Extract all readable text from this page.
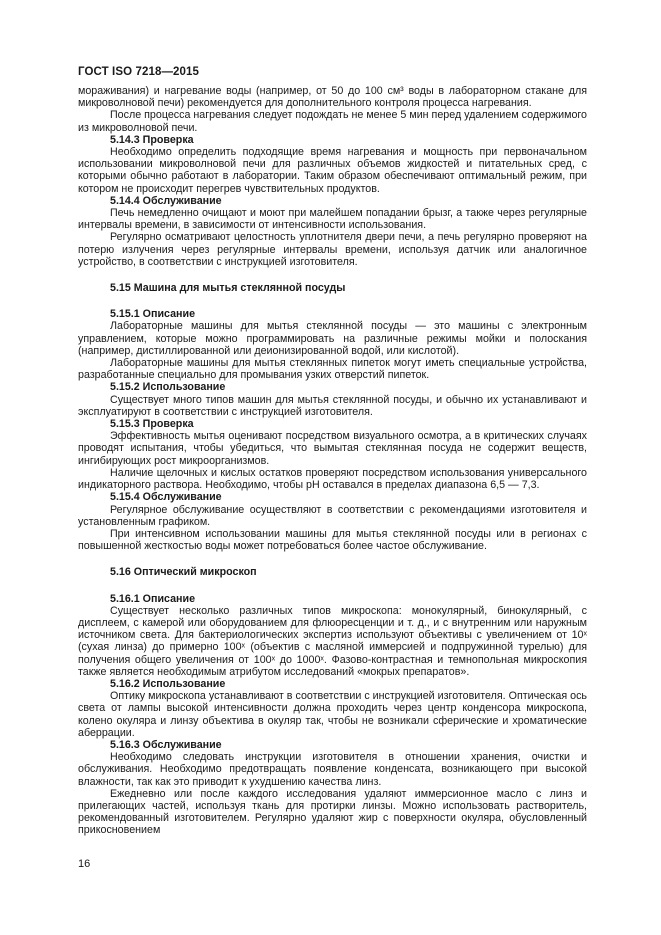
ГОСТ ISO 7218—2015

мораживания) и нагревание воды (например, от 50 до 100 см³ воды в лабораторном стакане для микроволновой печи) рекомендуется для дополнительного контроля процесса нагревания.

После процесса нагревания следует подождать не менее 5 мин перед удалением содержимого из микроволновой печи.

5.14.3 Проверка

Необходимо определить подходящие время нагревания и мощность при первоначальном использовании микроволновой печи для различных объемов жидкостей и питательных сред, с которыми обычно работают в лаборатории. Таким образом обеспечивают оптимальный режим, при котором не происходит перегрев чувствительных продуктов.

5.14.4 Обслуживание

Печь немедленно очищают и моют при малейшем попадании брызг, а также через регулярные интервалы времени, в зависимости от интенсивности использования.

Регулярно осматривают целостность уплотнителя двери печи, а печь регулярно проверяют на потерю излучения через регулярные интервалы времени, используя датчик или аналогичное устройство, в соответствии с инструкцией изготовителя.

5.15 Машина для мытья стеклянной посуды

5.15.1 Описание

Лабораторные машины для мытья стеклянной посуды — это машины с электронным управлением, которые можно программировать на различные режимы мойки и полоскания (например, дистиллированной или деионизированной водой, или кислотой).

Лабораторные машины для мытья стеклянных пипеток могут иметь специальные устройства, разработанные специально для промывания узких отверстий пипеток.

5.15.2 Использование

Существует много типов машин для мытья стеклянной посуды, и обычно их устанавливают и эксплуатируют в соответствии с инструкцией изготовителя.

5.15.3 Проверка

Эффективность мытья оценивают посредством визуального осмотра, а в критических случаях проводят испытания, чтобы убедиться, что вымытая стеклянная посуда не содержит веществ, ингибирующих рост микроорганизмов.

Наличие щелочных и кислых остатков проверяют посредством использования универсального индикаторного раствора. Необходимо, чтобы pH оставался в пределах диапазона 6,5 — 7,3.

5.15.4 Обслуживание

Регулярное обслуживание осуществляют в соответствии с рекомендациями изготовителя и установленным графиком.

При интенсивном использовании машины для мытья стеклянной посуды или в регионах с повышенной жесткостью воды может потребоваться более частое обслуживание.

5.16 Оптический микроскоп

5.16.1 Описание

Существует несколько различных типов микроскопа: монокулярный, бинокулярный, с дисплеем, с камерой или оборудованием для флюоресценции и т. д., и с внутренним или наружным источником света. Для бактериологических экспертиз используют объективы с увеличением от 10ˣ (сухая линза) до примерно 100ˣ (объектив с масляной иммерсией и подпружинной турелью) для получения общего увеличения от 100ˣ до 1000ˣ. Фазово-контрастная и темнопольная микроскопия также является необходимым атрибутом исследований «мокрых препаратов».

5.16.2 Использование

Оптику микроскопа устанавливают в соответствии с инструкцией изготовителя. Оптическая ось света от лампы высокой интенсивности должна проходить через центр конденсора микроскопа, колено окуляра и линзу объектива в окуляр так, чтобы не возникали сферические и хроматические аберрации.

5.16.3 Обслуживание

Необходимо следовать инструкции изготовителя в отношении хранения, очистки и обслуживания. Необходимо предотвращать появление конденсата, возникающего при высокой влажности, так как это приводит к ухудшению качества линз.

Ежедневно или после каждого исследования удаляют иммерсионное масло с линз и прилегающих частей, используя ткань для протирки линзы. Можно использовать растворитель, рекомендованный изготовителем. Регулярно удаляют жир с поверхности окуляра, обусловленный прикосновением

16
